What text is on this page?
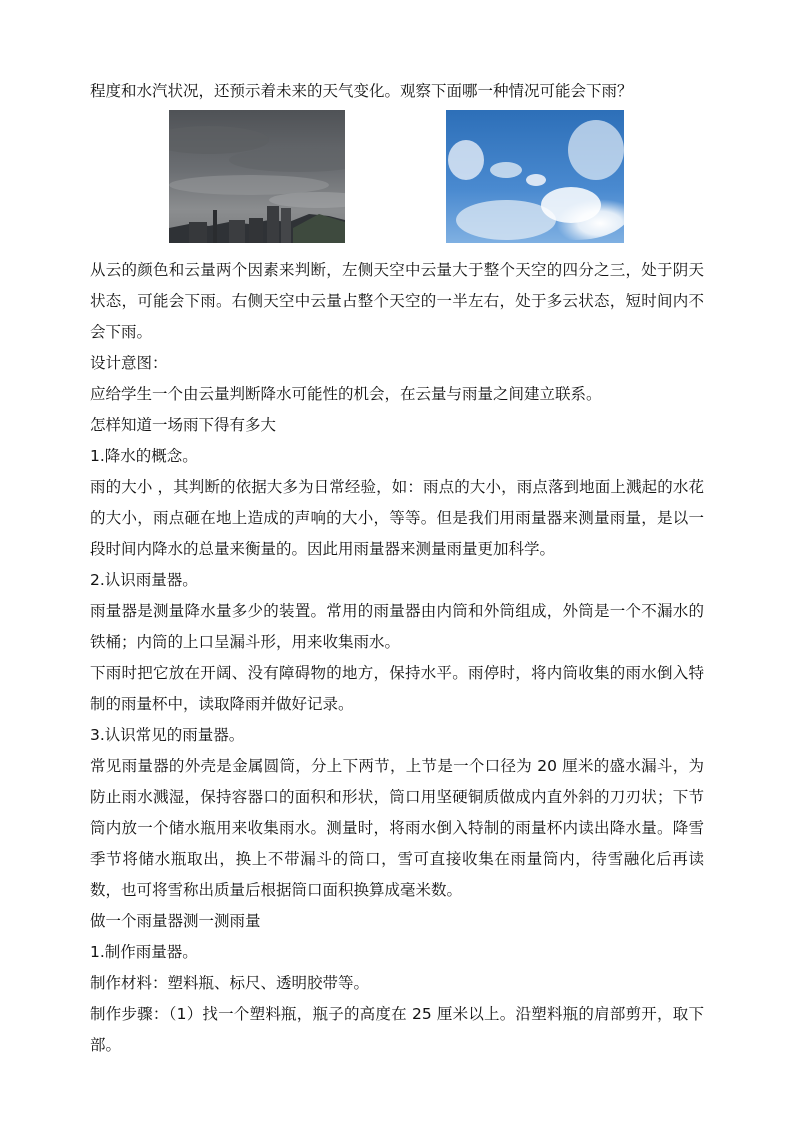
程度和水汽状况，还预示着未来的天气变化。观察下面哪一种情况可能会下雨？

从云的颜色和云量两个因素来判断，左侧天空中云量大于整个天空的四分之三，处于阴天状态，可能会下雨。右侧天空中云量占整个天空的一半左右，处于多云状态，短时间内不会下雨。

设计意图：

应给学生一个由云量判断降水可能性的机会，在云量与雨量之间建立联系。

怎样知道一场雨下得有多大

1.降水的概念。

雨的大小 ，其判断的依据大多为日常经验，如：雨点的大小，雨点落到地面上溅起的水花的大小，雨点砸在地上造成的声响的大小，等等。但是我们用雨量器来测量雨量，是以一段时间内降水的总量来衡量的。因此用雨量器来测量雨量更加科学。

2.认识雨量器。

雨量器是测量降水量多少的装置。常用的雨量器由内筒和外筒组成，外筒是一个不漏水的铁桶；内筒的上口呈漏斗形，用来收集雨水。

下雨时把它放在开阔、没有障碍物的地方，保持水平。雨停时，将内筒收集的雨水倒入特制的雨量杯中，读取降雨并做好记录。

3.认识常见的雨量器。

常见雨量器的外壳是金属圆筒，分上下两节，上节是一个口径为 20 厘米的盛水漏斗，为防止雨水溅湿，保持容器口的面积和形状，筒口用坚硬铜质做成内直外斜的刀刃状；下节筒内放一个储水瓶用来收集雨水。测量时，将雨水倒入特制的雨量杯内读出降水量。降雪季节将储水瓶取出，换上不带漏斗的筒口，雪可直接收集在雨量筒内，待雪融化后再读数，也可将雪称出质量后根据筒口面积换算成毫米数。

做一个雨量器测一测雨量

1.制作雨量器。

制作材料：塑料瓶、标尺、透明胶带等。

制作步骤：（1）找一个塑料瓶，瓶子的高度在 25 厘米以上。沿塑料瓶的肩部剪开，取下部。
